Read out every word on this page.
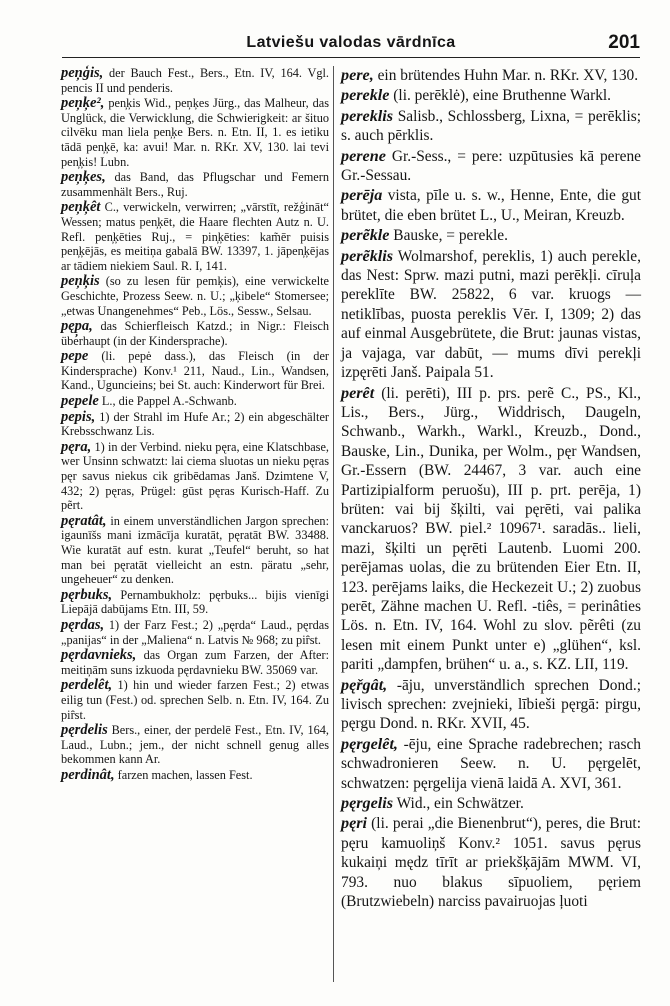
Latviešu valodas vārdnīca	201

pen̦ģis, der Bauch Fest., Bers., Etn. IV, 164. Vgl. pencis II und penderis.

pen̦ķe², pen̦ķis Wid., peņķes Jürg., das Malheur, das Unglück, die Verwicklung, die Schwierigkeit: ar šituo cilvēku man liela pen̦ķe Bers. n. Etn. II, 1. es ietiku tādā pen̦ķē, ka: avui! Mar. n. RKr. XV, 130. lai tevi pen̦ķis! Lubn.

pen̦ķes, das Band, das Pflugschar und Femern zusammenhält Bers., Ruj.

pen̦ķêt C., verwickeln, verwirren; „vārstīt, režģināt“ Wessen; matus pen̦ķēt, die Haare flechten Autz n. U. Refl. pen̦ķēties Ruj., = pin̦ķēties: kam̃ēr puisis pen̦ķējās, es meitiņa gabalā BW. 13397, 1. jāpen̦ķējas ar tādiem niekiem Saul. R. I, 141.

pen̦ķis (so zu lesen für pemķis), eine verwickelte Geschichte, Prozess Seew. n. U.; „ķibele“ Stomersee; „etwas Unangenehmes“ Peb., Lös., Sessw., Selsau.

pęp̦a, das Schierfleisch Katzd.; in Nigr.: Fleisch überhaupt (in der Kindersprache).

pepe (li. pepė dass.), das Fleisch (in der Kindersprache) Konv.¹ 211, Naud., Lin., Wandsen, Kand., Uguncieins; bei St. auch: Kinderwort für Brei.

pepele L., die Pappel A.-Schwanb.

pepis, 1) der Strahl im Hufe Ar.; 2) ein abgeschälter Krebsschwanz Lis.

pęra, 1) in der Verbind. nieku pęra, eine Klatschbase, wer Unsinn schwatzt: lai ciema sluotas un nieku pęras pęr savus niekus cik gribēdamas Janš. Dzimtene V, 432; 2) pęras, Prügel: gūst pęras Kurisch-Haff. Zu pẽrt.

pęratât, in einem unverständlichen Jargon sprechen: igaunīšs mani izmācīja kuratāt, pęratāt BW. 33488. Wie kuratāt auf estn. kurat „Teufel“ beruht, so hat man bei pęratāt vielleicht an estn. päratu „sehr, ungeheuer“ zu denken.

pęrbuks, Pernambukholz: pęrbuks... bijis vienīgi Liepājā dabūjams Etn. III, 59.

pęrdas, 1) der Farz Fest.; 2) „pęrda“ Laud., pęrdas „panijas“ in der „Maliena“ n. Latvis № 968; zu piȓst.

pęrdavnieks, das Organ zum Farzen, der After: meitiņām suns izkuoda pęrdavnieku BW. 35069 var.

perdelêt, 1) hin und wieder farzen Fest.; 2) etwas eilig tun (Fest.) od. sprechen Selb. n. Etn. IV, 164. Zu piȓst.

pęrdelis Bers., einer, der perdelē Fest., Etn. IV, 164, Laud., Lubn.; jem., der nicht schnell genug alles bekommen kann Ar.

perdinât, farzen machen, lassen Fest.

pere, ein brütendes Huhn Mar. n. RKr. XV, 130.

perekle (li. perēklė), eine Bruthenne Warkl.

pereklis Salisb., Schlossberg, Lixna, = perēklis; s. auch pērklis.

perene Gr.-Sess., = pere: uzpūtusies kā perene Gr.-Sessau.

perēja vista, pīle u. s. w., Henne, Ente, die gut brütet, die eben brütet L., U., Meiran, Kreuzb.

perẽkle Bauske, = perekle.

perẽklis Wolmarshof, pereklis, 1) auch perekle, das Nest: Sprw. mazi putni, mazi perēkļi. cīruļa pereklīte BW. 25822, 6 var. kruogs — netiklības, puosta pereklis Vēr. I, 1309; 2) das auf einmal Ausgebrütete, die Brut: jaunas vistas, ja vajaga, var dabūt, — mums dīvi perekļi izpęrēti Janš. Paipala 51.

perêt (li. perēti), III p. prs. perẽ C., PS., Kl., Lis., Bers., Jürg., Widdrisch, Daugeln, Schwanb., Warkh., Warkl., Kreuzb., Dond., Bauske, Lin., Dunika, per Wolm., pęr Wandsen, Gr.-Essern (BW. 24467, 3 var. auch eine Partizipialform peruošu), III p. prt. perēja, 1) brüten: vai bij šķilti, vai pęrēti, vai palika vanckaruos? BW. piel.² 10967¹. saradās.. lieli, mazi, šķilti un pęrēti Lautenb. Luomi 200. perējamas uolas, die zu brütenden Eier Etn. II, 123. perējams laiks, die Heckezeit U.; 2) zuobus perēt, Zähne machen U. Refl. -tiês, = perinâties Lös. n. Etn. IV, 164. Wohl zu slov. pẽrêti (zu lesen mit einem Punkt unter e) „glühen“, ksl. pariti „dampfen, brühen“ u. a., s. KZ. LII, 119.

pęřgât, -āju, unverständlich sprechen Dond.; livisch sprechen: zvejnieki, lībieši pęrgā: pirgu, pęrgu Dond. n. RKr. XVII, 45.

pęrgelêt, -ēju, eine Sprache radebrechen; rasch schwadronieren Seew. n. U. pęrgelēt, schwatzen: pęrgelija vienā laidā A. XVI, 361.

pęrgelis Wid., ein Schwätzer.

pęri (li. perai „die Bienenbrut“), peres, die Brut: pęru kamuoliņš Konv.² 1051. savus pęrus kukaiņi mędz tīrīt ar priekšķājām MWM. VI, 793. nuo blakus sīpuoliem, pęriem (Brutzwiebeln) narciss pavairuojas ļuoti
